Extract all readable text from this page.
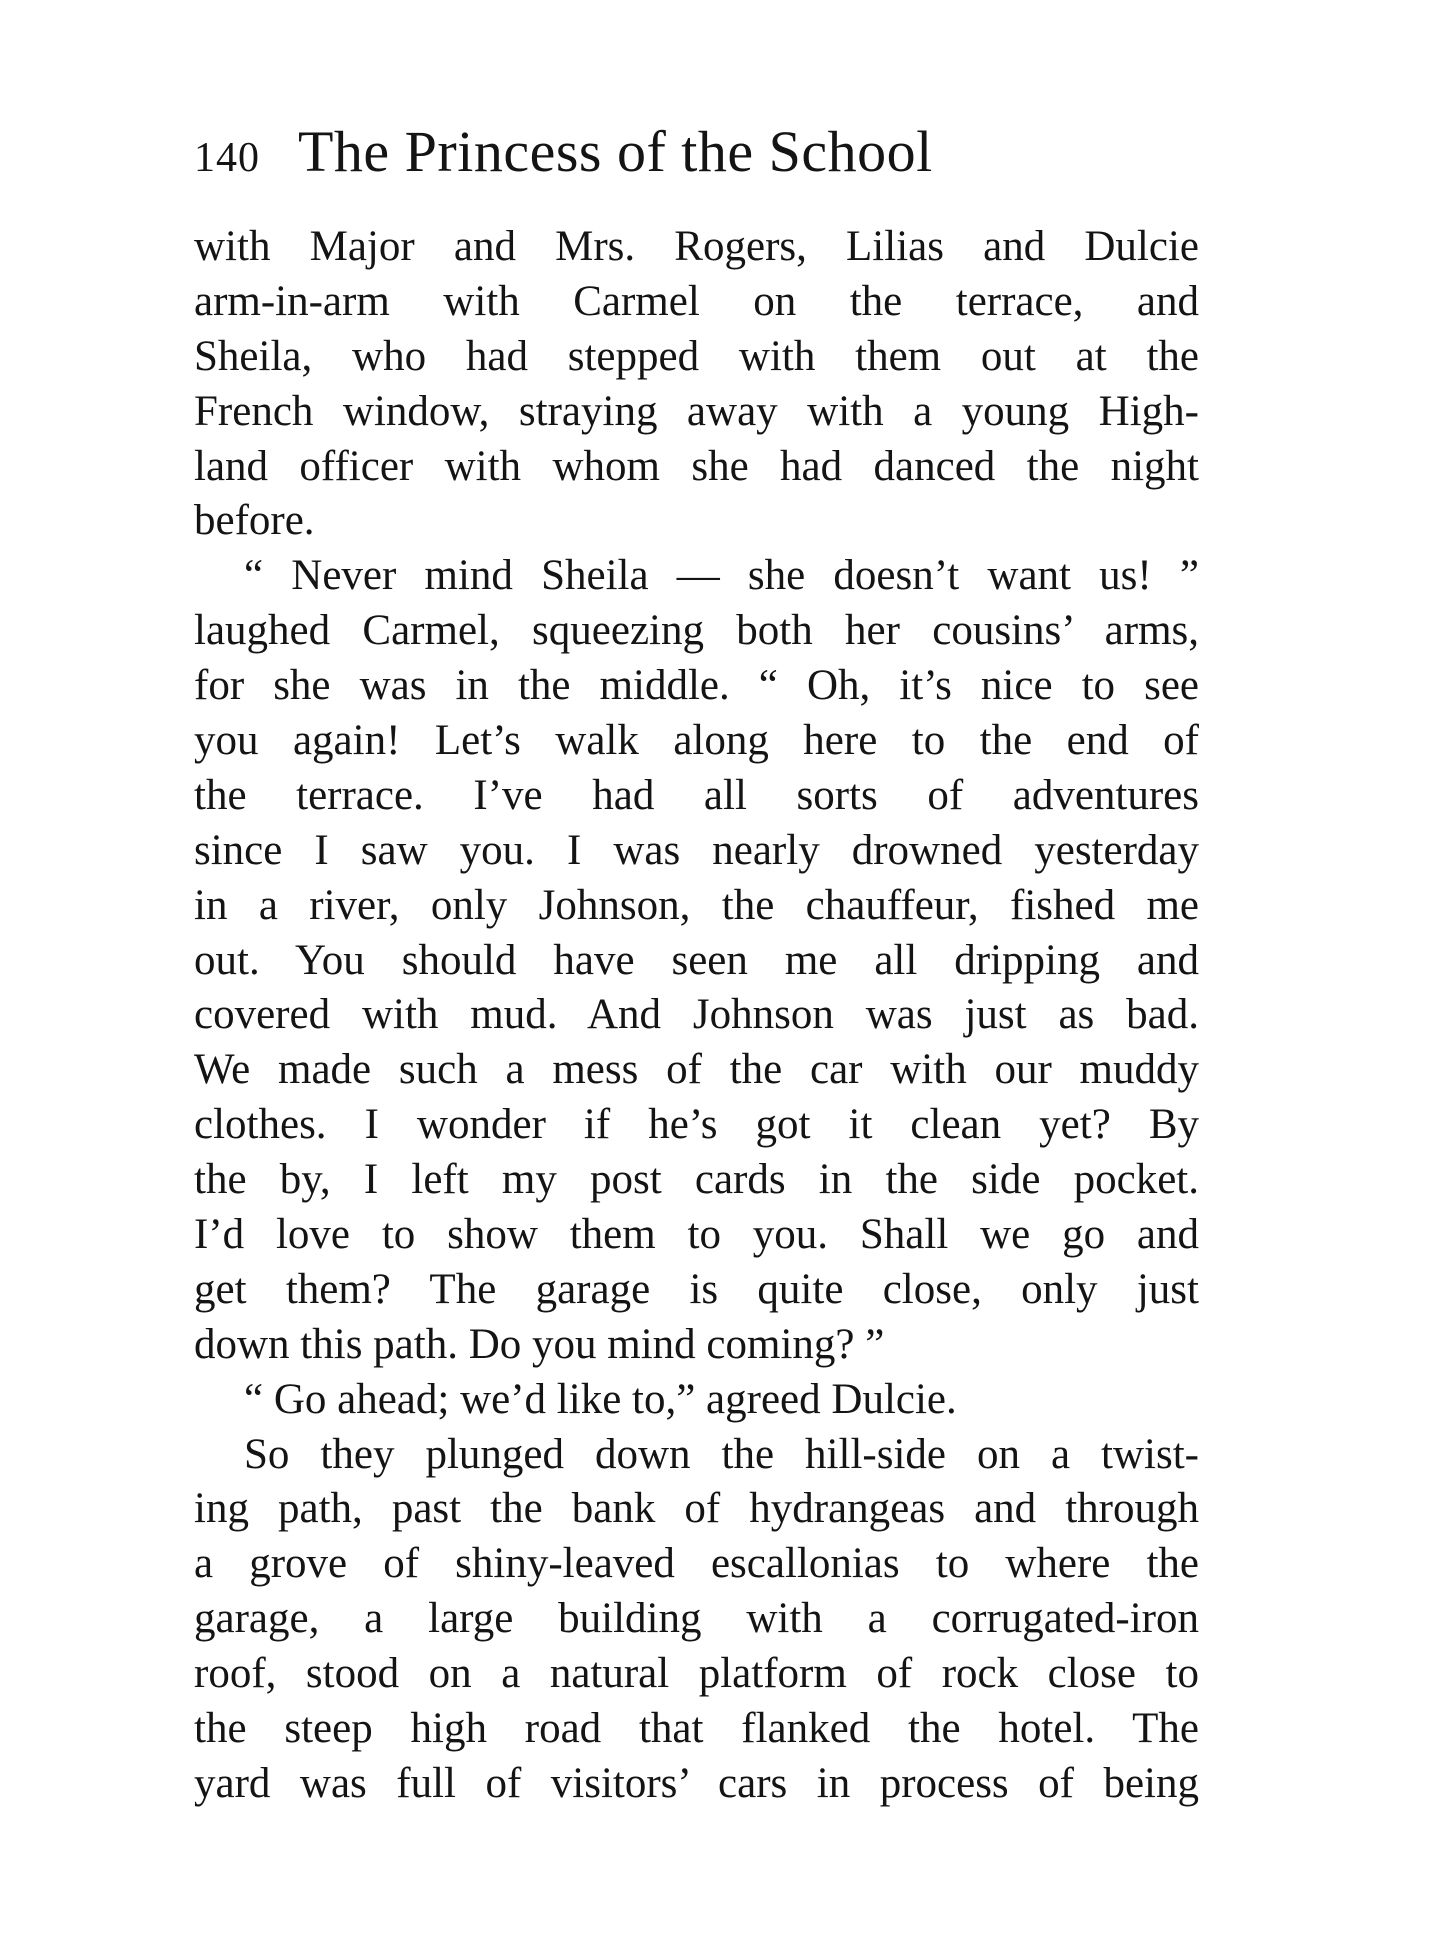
140 The Princess of the School
with Major and Mrs. Rogers, Lilias and Dulcie
arm-in-arm with Carmel on the terrace, and
Sheila, who had stepped with them out at the
French window, straying away with a young High-
land officer with whom she had danced the night
before.
“ Never mind Sheila — she doesn’t want us! ”
laughed Carmel, squeezing both her cousins’ arms,
for she was in the middle. “ Oh, it’s nice to see
you again! Let’s walk along here to the end of
the terrace. I’ve had all sorts of adventures
since I saw you. I was nearly drowned yesterday
in a river, only Johnson, the chauffeur, fished me
out. You should have seen me all dripping and
covered with mud. And Johnson was just as bad.
We made such a mess of the car with our muddy
clothes. I wonder if he’s got it clean yet? By
the by, I left my post cards in the side pocket.
I’d love to show them to you. Shall we go and
get them? The garage is quite close, only just
down this path. Do you mind coming? ”
“ Go ahead; we’d like to,” agreed Dulcie.
So they plunged down the hill-side on a twist-
ing path, past the bank of hydrangeas and through
a grove of shiny-leaved escallonias to where the
garage, a large building with a corrugated-iron
roof, stood on a natural platform of rock close to
the steep high road that flanked the hotel. The
yard was full of visitors’ cars in process of being
